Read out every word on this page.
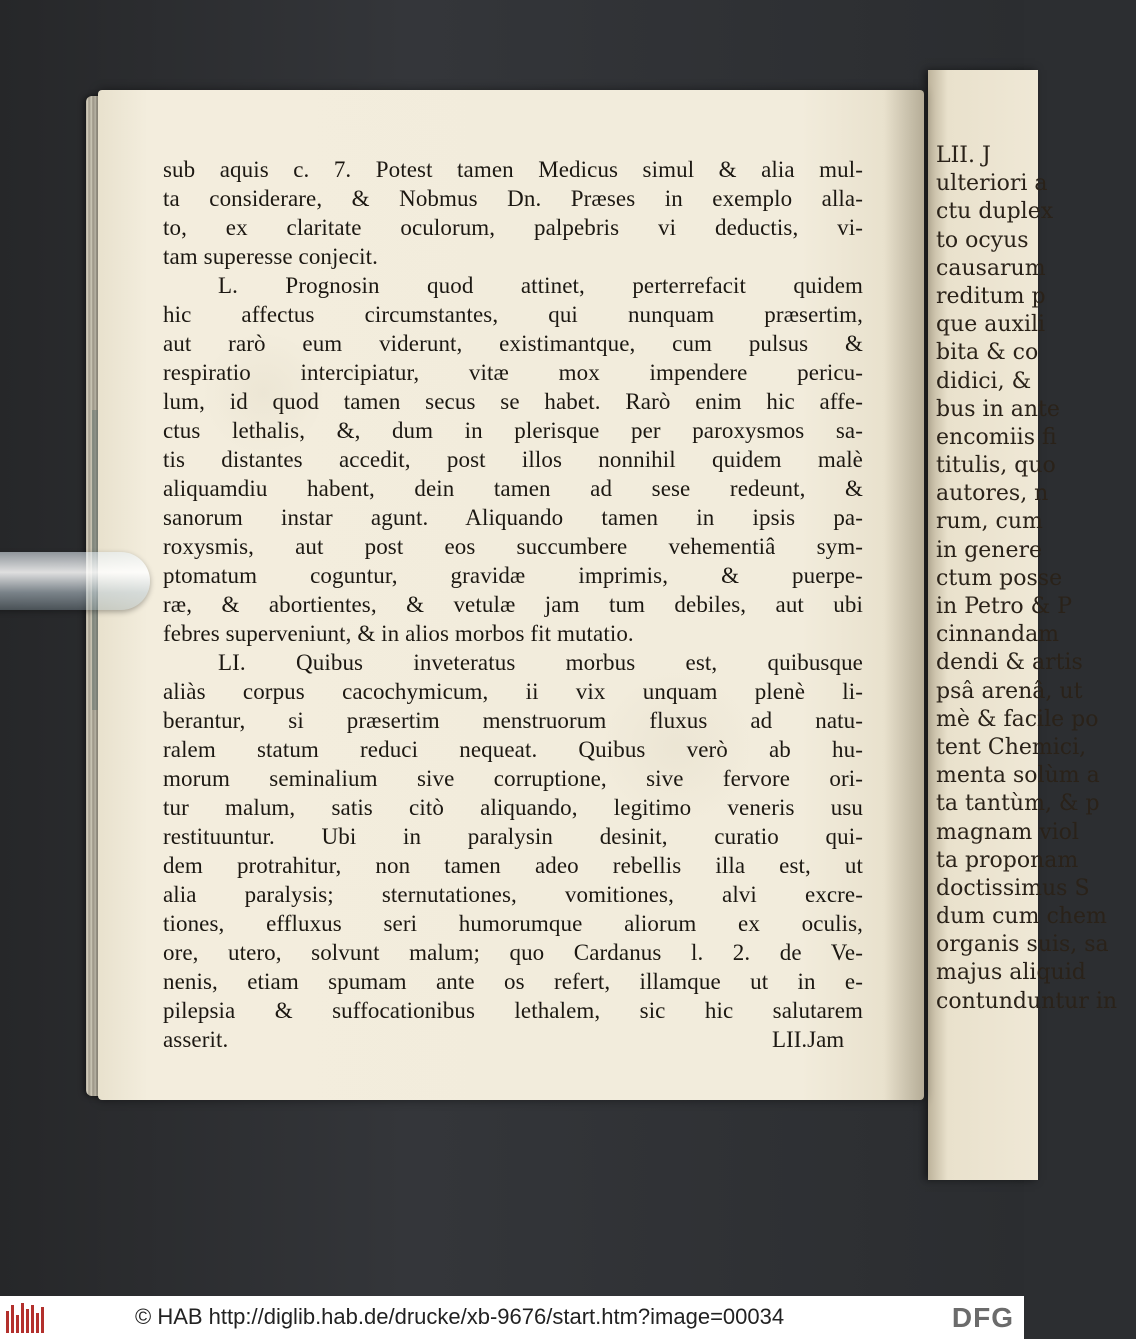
LII. J
ulteriori a
ctu duplex
to ocyus
causarum
reditum p
que auxili
bita & co
didici, &
bus in ante
encomiis fi
titulis, quo
autores, n
rum, cum
in genere
ctum posse
in Petro & P
cinnandam
dendi & artis
psâ arenâ, ut
mè & facile po
tent Chemici,
menta solùm a
ta tantùm, & p
magnam viol
ta proponam
doctissimus S
dum cum chem
organis suis, sa
majus aliquid
contunduntur in
sub aquis c. 7. Potest tamen Medicus simul & alia mul-
ta considerare, & Nobmus Dn. Præses in exemplo alla-
to, ex claritate oculorum, palpebris vi deductis, vi-
tam superesse conjecit.
L. Prognosin quod attinet, perterrefacit quidem
hic affectus circumstantes, qui nunquam præsertim,
aut rarò eum viderunt, existimantque, cum pulsus &
respiratio intercipiatur, vitæ mox impendere pericu-
lum, id quod tamen secus se habet. Rarò enim hic affe-
ctus lethalis, &, dum in plerisque per paroxysmos sa-
tis distantes accedit, post illos nonnihil quidem malè
aliquamdiu habent, dein tamen ad sese redeunt, &
sanorum instar agunt. Aliquando tamen in ipsis pa-
roxysmis, aut post eos succumbere vehementiâ sym-
ptomatum coguntur, gravidæ imprimis, & puerpe-
ræ, & abortientes, & vetulæ jam tum debiles, aut ubi
febres superveniunt, & in alios morbos fit mutatio.
LI. Quibus inveteratus morbus est, quibusque
aliàs corpus cacochymicum, ii vix unquam plenè li-
berantur, si præsertim menstruorum fluxus ad natu-
ralem statum reduci nequeat. Quibus verò ab hu-
morum seminalium sive corruptione, sive fervore ori-
tur malum, satis citò aliquando, legitimo veneris usu
restituuntur. Ubi in paralysin desinit, curatio qui-
dem protrahitur, non tamen adeo rebellis illa est, ut
alia paralysis; sternutationes, vomitiones, alvi excre-
tiones, effluxus seri humorumque aliorum ex oculis,
ore, utero, solvunt malum; quo Cardanus l. 2. de Ve-
nenis, etiam spumam ante os refert, illamque ut in e-
pilepsia & suffocationibus lethalem, sic hic salutarem
asserit.	LII.Jam
© HAB http://diglib.hab.de/drucke/xb-9676/start.htm?image=00034	DFG
